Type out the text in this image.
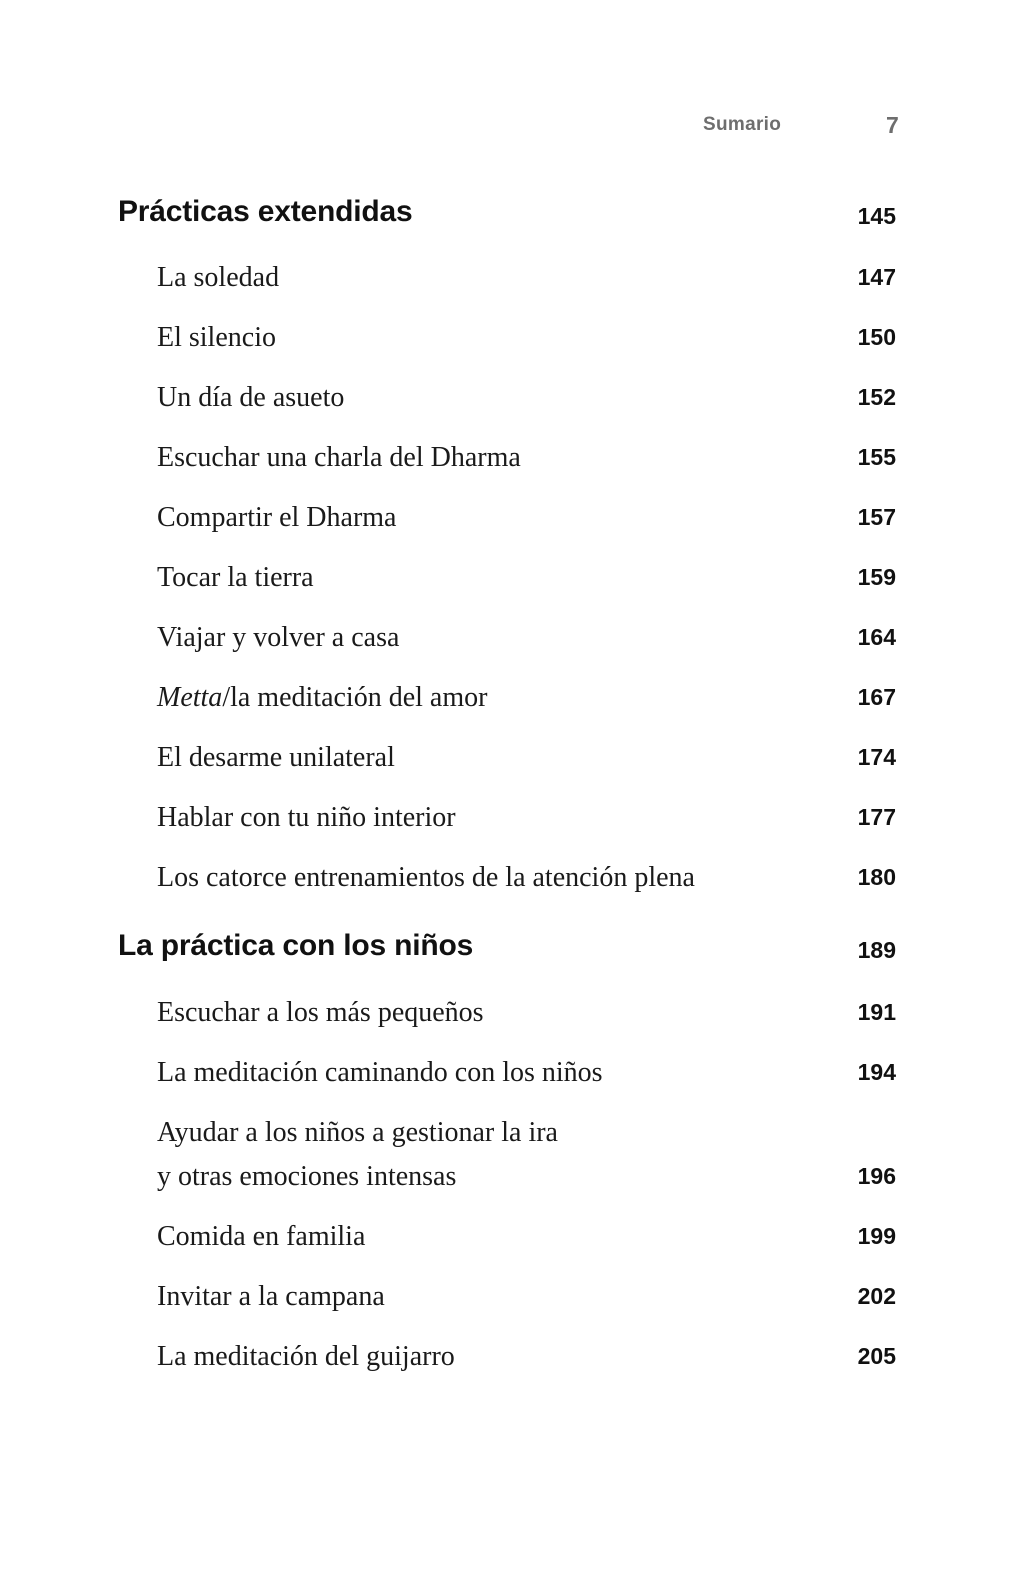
Sumario	7
Prácticas extendidas	145
La soledad	147
El silencio	150
Un día de asueto	152
Escuchar una charla del Dharma	155
Compartir el Dharma	157
Tocar la tierra	159
Viajar y volver a casa	164
Metta/la meditación del amor	167
El desarme unilateral	174
Hablar con tu niño interior	177
Los catorce entrenamientos de la atención plena	180
La práctica con los niños	189
Escuchar a los más pequeños	191
La meditación caminando con los niños	194
Ayudar a los niños a gestionar la ira
y otras emociones intensas	196
Comida en familia	199
Invitar a la campana	202
La meditación del guijarro	205
